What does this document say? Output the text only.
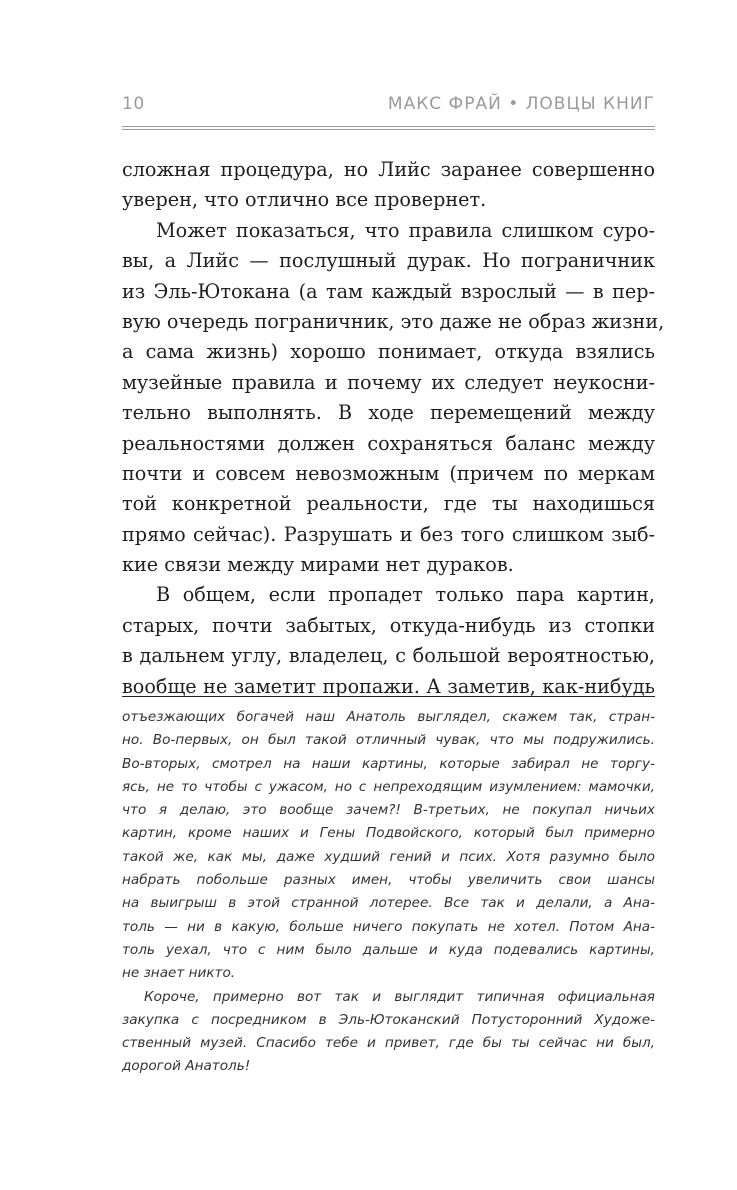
10	МАКС ФРАЙ • ЛОВЦЫ КНИГ
сложная процедура, но Лийс заранее совершенно
уверен, что отлично все провернет.
Может показаться, что правила слишком суро-
вы, а Лийс — послушный дурак. Но пограничник
из Эль-Ютокана (а там каждый взрослый — в пер-
вую очередь пограничник, это даже не образ жизни,
а сама жизнь) хорошо понимает, откуда взялись
музейные правила и почему их следует неукосни-
тельно выполнять. В ходе перемещений между
реальностями должен сохраняться баланс между
почти и совсем невозможным (причем по меркам
той конкретной реальности, где ты находишься
прямо сейчас). Разрушать и без того слишком зыб-
кие связи между мирами нет дураков.
В общем, если пропадет только пара картин,
старых, почти забытых, откуда-нибудь из стопки
в дальнем углу, владелец, с большой вероятностью,
вообще не заметит пропажи. А заметив, как-нибудь
отъезжающих богачей наш Анатоль выглядел, скажем так, стран-
но. Во-первых, он был такой отличный чувак, что мы подружились.
Во-вторых, смотрел на наши картины, которые забирал не торгу-
ясь, не то чтобы с ужасом, но с непреходящим изумлением: мамочки,
что я делаю, это вообще зачем?! В-третьих, не покупал ничьих
картин, кроме наших и Гены Подвойского, который был примерно
такой же, как мы, даже худший гений и псих. Хотя разумно было
набрать побольше разных имен, чтобы увеличить свои шансы
на выигрыш в этой странной лотерее. Все так и делали, а Ана-
толь — ни в какую, больше ничего покупать не хотел. Потом Ана-
толь уехал, что с ним было дальше и куда подевались картины,
не знает никто.
Короче, примерно вот так и выглядит типичная официальная
закупка с посредником в Эль-Ютоканский Потусторонний Художе-
ственный музей. Спасибо тебе и привет, где бы ты сейчас ни был,
дорогой Анатоль!
